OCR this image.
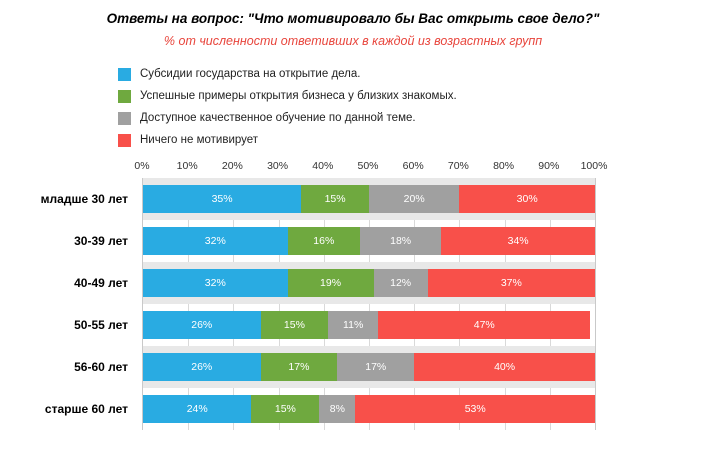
Ответы на вопрос: "Что мотивировало бы Вас открыть свое дело?"
% от численности ответивших в каждой из возрастных групп
Субсидии государства на открытие дела.
Успешные примеры открытия бизнеса у близких знакомых.
Доступное качественное обучение по данной теме.
Ничего не мотивирует
0%	10% 20% 30% 40% 50% 60% 70% 80% 90% 100%
младше 30 лет
30-39 лет
40-49 лет
50-55 лет
56-60 лет
старше 60 лет
35%	15%	20%	30%
32%	16%	18%	34%
32%	19%	12%	37%
26%	15%	11%	47%
26%	17%	17%	40%
24%	15%	8%	53%
